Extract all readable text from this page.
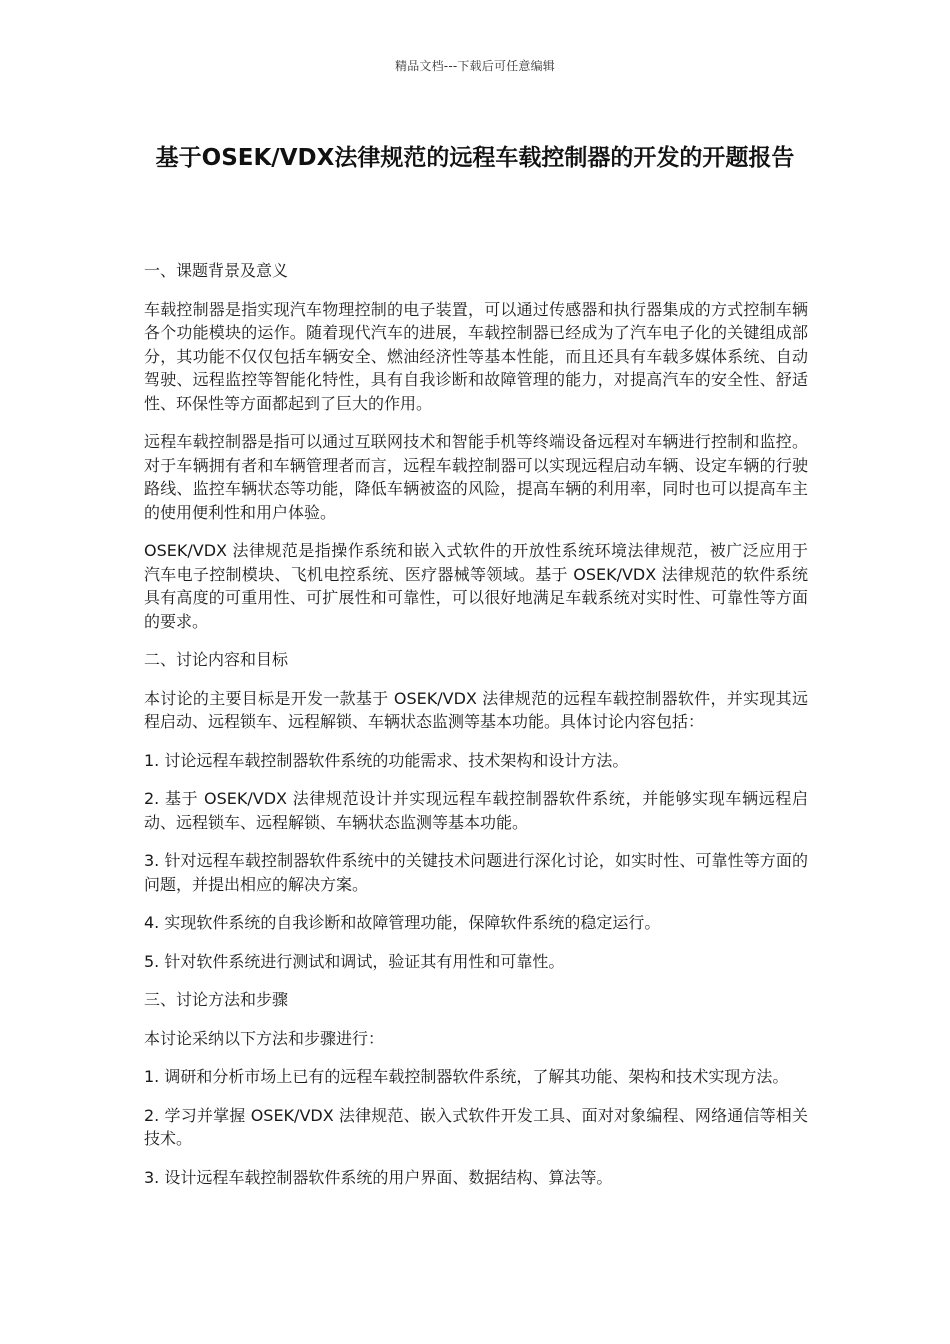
精品文档---下载后可任意编辑
基于OSEK/VDX法律规范的远程车载控制器的开发的开题报告

一、课题背景及意义

车载控制器是指实现汽车物理控制的电子装置，可以通过传感器和执行器集成的方式控制车辆各个功能模块的运作。随着现代汽车的进展，车载控制器已经成为了汽车电子化的关键组成部分，其功能不仅仅包括车辆安全、燃油经济性等基本性能，而且还具有车载多媒体系统、自动驾驶、远程监控等智能化特性，具有自我诊断和故障管理的能力，对提高汽车的安全性、舒适性、环保性等方面都起到了巨大的作用。

远程车载控制器是指可以通过互联网技术和智能手机等终端设备远程对车辆进行控制和监控。对于车辆拥有者和车辆管理者而言，远程车载控制器可以实现远程启动车辆、设定车辆的行驶路线、监控车辆状态等功能，降低车辆被盗的风险，提高车辆的利用率，同时也可以提高车主的使用便利性和用户体验。

OSEK/VDX 法律规范是指操作系统和嵌入式软件的开放性系统环境法律规范，被广泛应用于汽车电子控制模块、飞机电控系统、医疗器械等领域。基于 OSEK/VDX 法律规范的软件系统具有高度的可重用性、可扩展性和可靠性，可以很好地满足车载系统对实时性、可靠性等方面的要求。

二、讨论内容和目标

本讨论的主要目标是开发一款基于 OSEK/VDX 法律规范的远程车载控制器软件，并实现其远程启动、远程锁车、远程解锁、车辆状态监测等基本功能。具体讨论内容包括：

1. 讨论远程车载控制器软件系统的功能需求、技术架构和设计方法。

2. 基于 OSEK/VDX 法律规范设计并实现远程车载控制器软件系统，并能够实现车辆远程启动、远程锁车、远程解锁、车辆状态监测等基本功能。

3. 针对远程车载控制器软件系统中的关键技术问题进行深化讨论，如实时性、可靠性等方面的问题，并提出相应的解决方案。

4. 实现软件系统的自我诊断和故障管理功能，保障软件系统的稳定运行。

5. 针对软件系统进行测试和调试，验证其有用性和可靠性。

三、讨论方法和步骤

本讨论采纳以下方法和步骤进行：

1. 调研和分析市场上已有的远程车载控制器软件系统，了解其功能、架构和技术实现方法。

2. 学习并掌握 OSEK/VDX 法律规范、嵌入式软件开发工具、面对对象编程、网络通信等相关技术。

3. 设计远程车载控制器软件系统的用户界面、数据结构、算法等。
